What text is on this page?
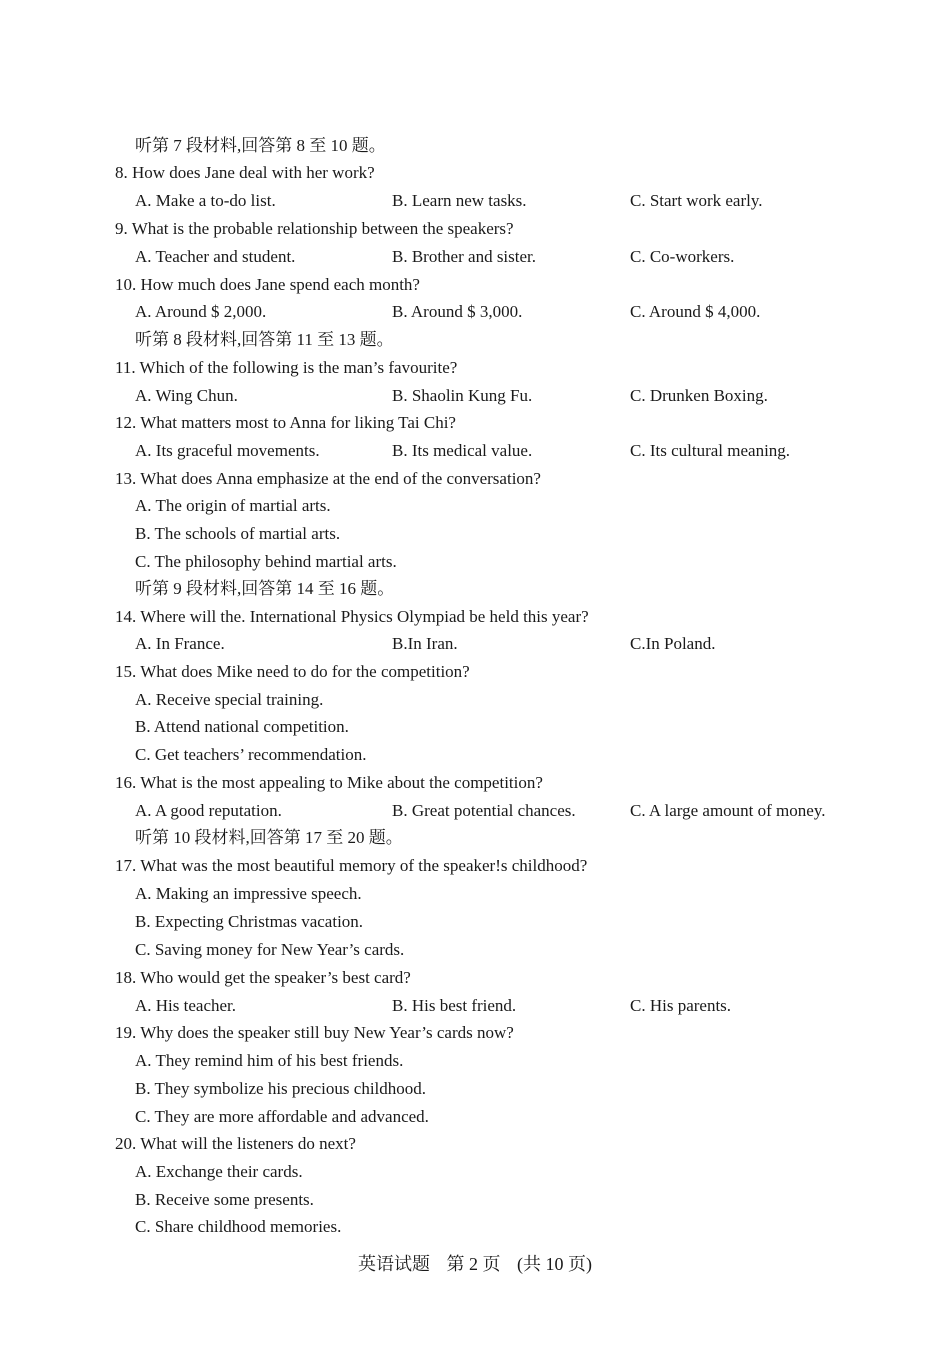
听第 7 段材料,回答第 8 至 10 题。
8. How does Jane deal with her work?
A. Make a to-do list.	B. Learn new tasks.	C. Start work early.
9. What is the probable relationship between the speakers?
A. Teacher and student.	B. Brother and sister.	C. Co-workers.
10. How much does Jane spend each month?
A. Around $ 2,000.	B. Around $ 3,000.	C. Around $ 4,000.
听第 8 段材料,回答第 11 至 13 题。
11. Which of the following is the man’s favourite?
A. Wing Chun.	B. Shaolin Kung Fu.	C. Drunken Boxing.
12. What matters most to Anna for liking Tai Chi?
A. Its graceful movements.	B. Its medical value.	C. Its cultural meaning.
13. What does Anna emphasize at the end of the conversation?
A. The origin of martial arts.
B. The schools of martial arts.
C. The philosophy behind martial arts.
听第 9 段材料,回答第 14 至 16 题。
14. Where will the. International Physics Olympiad be held this year?
A. In France.	B.In Iran.	C.In Poland.
15. What does Mike need to do for the competition?
A. Receive special training.
B. Attend national competition.
C. Get teachers’ recommendation.
16. What is the most appealing to Mike about the competition?
A. A good reputation.	B. Great potential chances.	C. A large amount of money.
听第 10 段材料,回答第 17 至 20 题。
17. What was the most beautiful memory of the speaker!s childhood?
A. Making an impressive speech.
B. Expecting Christmas vacation.
C. Saving money for New Year’s cards.
18. Who would get the speaker’s best card?
A. His teacher.	B. His best friend.	C. His parents.
19. Why does the speaker still buy New Year’s cards now?
A. They remind him of his best friends.
B. They symbolize his precious childhood.
C. They are more affordable and advanced.
20. What will the listeners do next?
A. Exchange their cards.
B. Receive some presents.
C. Share childhood memories.
英语试题 第 2 页 (共 10 页)
